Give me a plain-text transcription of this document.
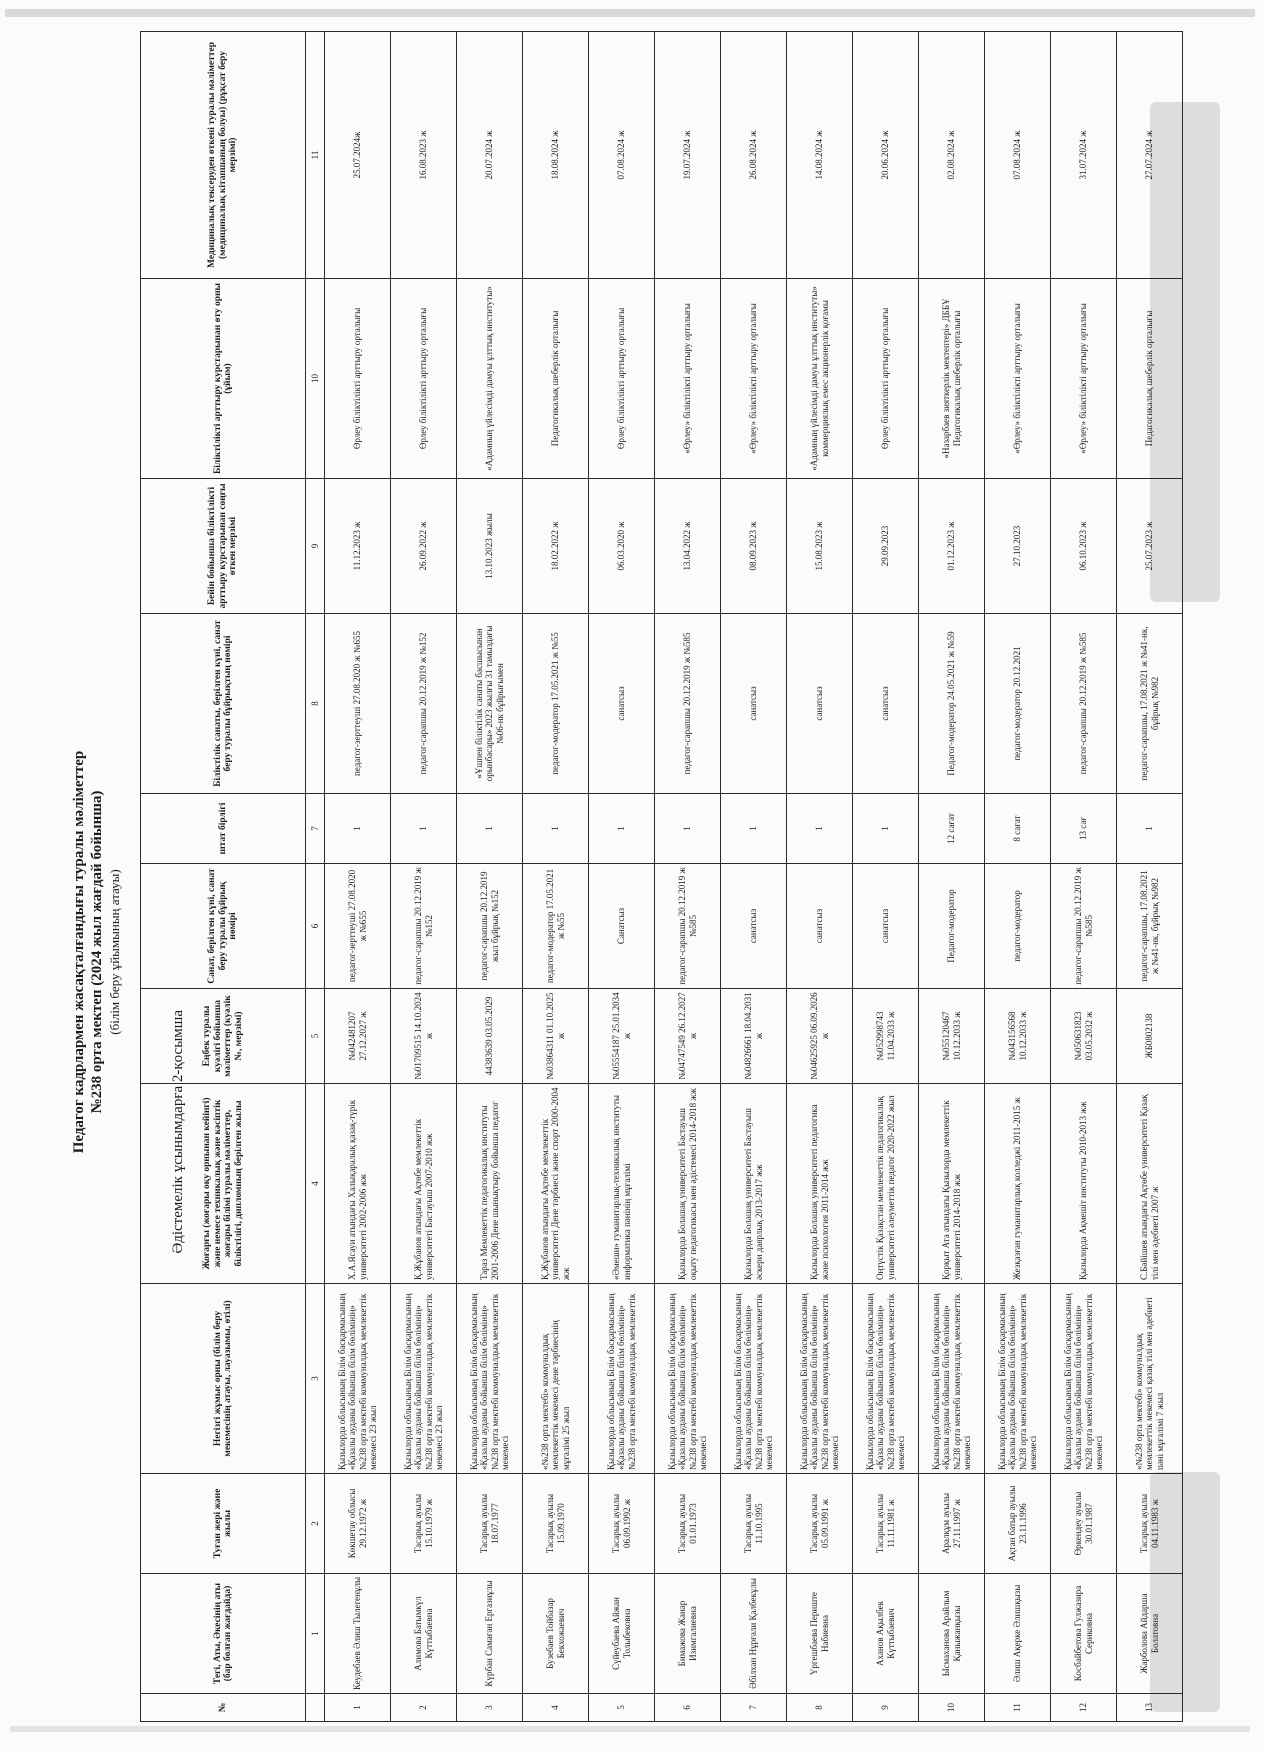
Әдістемелік ұсынымдарға 2-қосымша
Педагог кадрлармен жасақталғандығы туралы мәліметтер №238 орта мектеп (2024 жыл жағдай бойынша) (білім беру ұйымының атауы)
№	Тегі, Аты, Әкесінің аты (бар болған жағдайда)	Туған жері және жылы	Негізгі жұмыс орны (білім беру мекемесінің атауы, лауазымы, өтілі)	Жоғарғы (жоғары оқу орнынан кейінгі) және немесе техникалық және кәсіптік жоғары білімі туралы мәліметтер, біліктілігі, дипломның берілген жылы	Еңбек туралы куәлігі бойынша мәліметтер (куәлік №, мерзімі)	Санат, берілген күні, санат беру туралы бұйрық нөмірі	штат бірлігі	Біліктілік санаты, берілген күні, санат беру туралы бұйрықтың нөмірі	Бейін бойынша біліктілікті арттыру курстарынан соңғы өткен мерзімі	Біліктілікті арттыру курстарынан өту орны (ұйым)	Медициналық тексеруден өткені туралы мәліметтер (медициналық кітапшаның болуы) (рұқсат беру мерзімі)
	1	2	3	4	5	6	7	8	9	10	11
1	Кеудебаев Әлиш Тылегенұлы	Көкшетау облысы 29.12.1972 ж	Қызылорда облысының Білім басқармасының «Қазалы ауданы бойынша білім бөлімінің» №238 орта мектебі коммуналдық мемлекеттік мекемесі 23 жыл	Х.А.Ясауи атындағы Халықаралық қазақ-түрік университеті 2002-2006 жж	№042481207 27.12.2027 ж	педагог-зерттеуші 27.08.2020 ж №655	1	педагог-зерттеуші 27.08.2020 ж №655	11.12.2023 ж	Өрлеу біліктілікті арттыру орталығы	25.07.2024ж
2	Алимова Батымкүл Күттыбаевна	Тасарық ауылы 15.10.1979 ж	Қызылорда облысының Білім басқармасының «Қазалы ауданы бойынша білім бөлімінің» №238 орта мектебі коммуналдық мемлекеттік мекемесі 23 жыл	Қ.Жұбанов атындағы Ақтөбе мемлекеттік университеті Бастауыш 2007-2010 жж	№01709515 14.10.2024 ж	педагог-сарапшы 20.12.2019 ж №152	1	педагог-сарапшы 20.12.2019 ж №152	26.09.2022 ж	Өрлеу біліктілікті арттыру орталығы	16.08.2023 ж
3	Күрбан Самаған Ергазиұлы	Тасарық ауылы 18.07.1977	Қызылорда облысының Білім басқармасының «Қазалы ауданы бойынша білім бөлімінің» №238 орта мектебі коммуналдық мемлекеттік мекемесі	Тараз Мемлекеттік педагогикалық институты 2001-2006 Дене шынықтыру бойынша педагог	44383639 03.05.2029	педагог-сарапшы 20.12.2019 жыл бұйрық №152	1	«Ұшпен біліктілік санаты басшысынан орынбасары» 2023 жылғы 31 тамыздағы №06-нк бұйрығымен	13.10.2023 жылы	«Адамның үйлесімді дамуы ұлттық институты»	20.07.2024 ж
4	Бузебаев Тойбазар Бекхожаевич	Тасарық ауылы 15.09.1970	«№238 орта мектебі» коммуналдық мемлекеттік мекемесі дене тәрбиесінің мұғалімі 25 жыл	Қ.Жұбанов атындағы Ақтөбе мемлекеттік университеті Дене тәрбиесі және спорт 2000-2004 жж	№03864311 01.10.2025 ж	педагог-модератор 17.05.2021 ж №55	1	педагог-модератор 17.05.2021 ж №55	18.02.2022 ж	Педагогикалық шеберлік орталығы	18.08.2024 ж
5	Сүйеубаева Айжан Толыбековна	Тасарық ауылы 06.09.1992 ж	Қызылорда облысының Білім басқармасының «Қазалы ауданы бойынша білім бөлімінің» №238 орта мектебі коммуналдық мемлекеттік	«Әмеши» гуманитарлық-техникалық институты информатика пәнінің мұғалімі	№05554187 25.01.2034 ж	Санатсыз	1	санатсыз	06.03.2020 ж	Өрлеу біліктілікті арттыру орталығы	07.08.2024 ж
6	Бимажова Жанар Изимгалиевна	Тасарық ауылы 01.01.1973	Қызылорда облысының Білім басқармасының «Қазалы ауданы бойынша білім бөлімінің» №238 орта мектебі коммуналдық мемлекеттік мекемесі	Қызылорда Болашақ университеті Бастауыш оқыту педагогикасы мен әдістемесі 2014-2018 жж	№04747549 26.12.2027 ж	педагог-сарапшы 20.12.2019 ж №585	1	педагог-сарапшы 20.12.2019 ж №585	13.04.2022 ж	«Өрлеу» біліктілікті арттыру орталығы	19.07.2024 ж
7	Әбілхан Нұрғали Қалбекұлы	Тасарық ауылы 11.10.1995	Қызылорда облысының Білім басқармасының «Қазалы ауданы бойынша білім бөлімінің» №238 орта мектебі коммуналдық мемлекеттік мекемесі	Қызылорда Болашақ университеті Бастауыш әскери даярлық 2013-2017 жж	№04826661 18.04.2031 ж	санатсыз	1	санатсыз	08.09.2023 ж	«Өрлеу» біліктілікті арттыру орталығы	26.08.2024 ж
8	Үргешбаева Периште Набиевна	Тасарық ауылы 05.09.1991 ж	Қызылорда облысының Білім басқармасының «Қазалы ауданы бойынша білім бөлімінің» №238 орта мектебі коммуналдық мемлекеттік мекемесі	Қызылорда Болашақ университеті педагогика және психология 2011-2014 жж	№04625925 06.09.2026 ж	санатсыз	1	санатсыз	15.08.2023 ж	«Адамның үйлесімді дамуы ұлттық институты» коммерциялық емес акционерлік қоғамы	14.08.2024 ж
9	Аханов Ақылбек Күттыбаевич	Тасарық ауылы 11.11.1981 ж	Қызылорда облысының Білім басқармасының «Қазалы ауданы бойынша білім бөлімінің» №238 орта мектебі коммуналдық мемлекеттік мекемесі	Оңтүстік Қазақстан мемлекеттік педагогикалық университеті әлеуметтік педагог 2020-2022 жыл	№052998743 11.04.2033 ж	санатсыз	1	санатсыз	29.09.2023	Өрлеу біліктілікті арттыру орталығы	20.06.2024 ж
10	Ысмаханова Арайлым Қаныжанқызы	Аралқұм ауылы 27.11.1997 ж	Қызылорда облысының Білім басқармасының «Қазалы ауданы бойынша білім бөлімінің» №238 орта мектебі коммуналдық мемлекеттік мекемесі	Қорқыт Ата атындағы Қызылорда мемлекеттік университеті 2014-2018 жж	№055120467 10.12.2033 ж	Педагог-модератор	12 сағат	Педагог-модератор 24.05.2021 ж №59	01.12.2023 ж	«Назарбаев зияткерлік мектептері» ДББҰ Педагогикалық шеберлік орталығы	02.08.2024 ж
11	Әлиш Ақерке Әлишқызы	Ақтан батыр ауылы 23.11.1996	Қызылорда облысының Білім басқармасының «Қазалы ауданы бойынша білім бөлімінің» №238 орта мектебі коммуналдық мемлекеттік мекемесі	Жезқазған гуманитарлық колледжі 2011-2015 ж	№043156568 10.12.2033 ж	педагог-модератор	8 сағат	педагог-модератор 20.12.2021	27.10.2023	«Өрлеу» біліктілікті арттыру орталығы	07.08.2024 ж
12	Косбайбетова Гулжазира Сериковна	Өркендеу ауылы 30.01.1987	Қызылорда облысының Білім басқармасының «Қазалы ауданы бойынша білім бөлімінің» №238 орта мектебі коммуналдық мемлекеттік мекемесі	Қызылорда Ақмешіт институты 2010-2013 жж	№050631823 03.05.2032 ж	педагог-сарапшы 20.12.2019 ж №585	13 сағ	педагог-сарапшы 20.12.2019 ж №585	06.10.2023 ж	«Өрлеу» біліктілікті арттыру орталығы	31.07.2024 ж
13	Жарболова Айдарша Болатовна	Тасарық ауылы 04.11.1983 ж	«№238 орта мектебі» коммуналдық мемлекеттік мекемесі қазақ тілі мен әдебиеті пәні мұғалімі 7 жыл	С.Бәйішев атындағы Ақтөбе университеті Қазақ тілі мен әдебиеті 2007 ж	ЖБ0802138	педагог-сарапшы, 17.08.2021 ж №41-нк, бұйрық №982	1	педагог-сарапшы, 17.08.2021 ж №41-нк, бұйрық №982	25.07.2023 ж	Педагогикалық шеберлік орталығы	27.07.2024 ж
